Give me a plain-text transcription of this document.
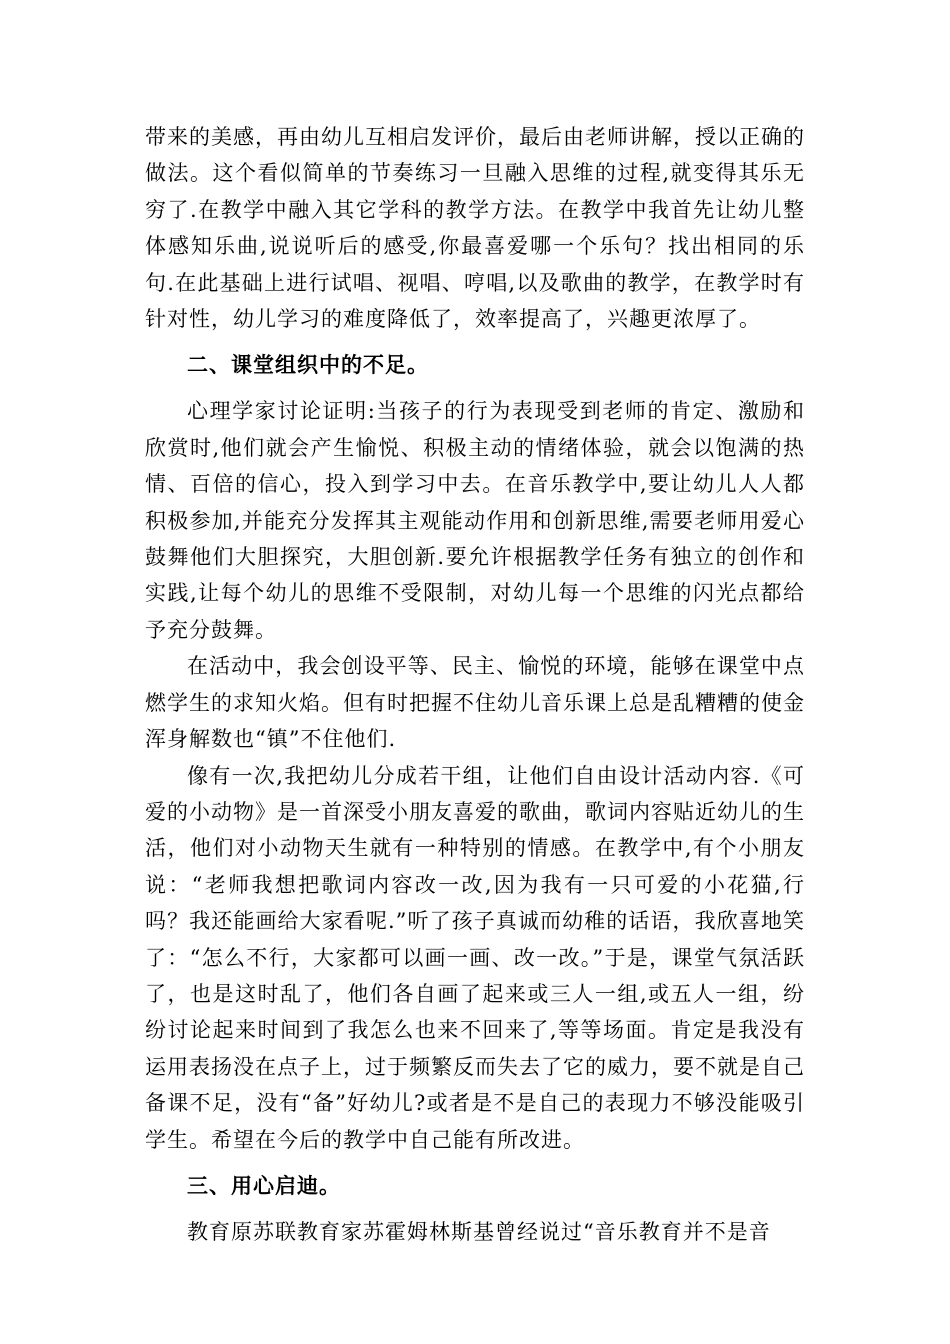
带来的美感，再由幼儿互相启发评价，最后由老师讲解，授以正确的做法。这个看似简单的节奏练习一旦融入思维的过程,就变得其乐无穷了.在教学中融入其它学科的教学方法。在教学中我首先让幼儿整体感知乐曲,说说听后的感受,你最喜爱哪一个乐句？找出相同的乐句.在此基础上进行试唱、视唱、哼唱,以及歌曲的教学，在教学时有针对性，幼儿学习的难度降低了，效率提高了，兴趣更浓厚了。

二、课堂组织中的不足。

心理学家讨论证明:当孩子的行为表现受到老师的肯定、激励和欣赏时,他们就会产生愉悦、积极主动的情绪体验，就会以饱满的热情、百倍的信心，投入到学习中去。在音乐教学中,要让幼儿人人都积极参加,并能充分发挥其主观能动作用和创新思维,需要老师用爱心鼓舞他们大胆探究，大胆创新.要允许根据教学任务有独立的创作和实践,让每个幼儿的思维不受限制，对幼儿每一个思维的闪光点都给予充分鼓舞。

在活动中，我会创设平等、民主、愉悦的环境，能够在课堂中点燃学生的求知火焰。但有时把握不住幼儿音乐课上总是乱糟糟的使金浑身解数也“镇”不住他们.

像有一次,我把幼儿分成若干组，让他们自由设计活动内容.《可爱的小动物》是一首深受小朋友喜爱的歌曲，歌词内容贴近幼儿的生活，他们对小动物天生就有一种特别的情感。在教学中,有个小朋友说：“老师我想把歌词内容改一改,因为我有一只可爱的小花猫,行吗？我还能画给大家看呢.”听了孩子真诚而幼稚的话语，我欣喜地笑了：“怎么不行，大家都可以画一画、改一改。”于是，课堂气氛活跃了，也是这时乱了，他们各自画了起来或三人一组,或五人一组，纷纷讨论起来时间到了我怎么也来不回来了,等等场面。肯定是我没有运用表扬没在点子上，过于频繁反而失去了它的威力，要不就是自己备课不足，没有“备”好幼儿?或者是不是自己的表现力不够没能吸引学生。希望在今后的教学中自己能有所改进。

三、用心启迪。

教育原苏联教育家苏霍姆林斯基曾经说过“音乐教育并不是音
